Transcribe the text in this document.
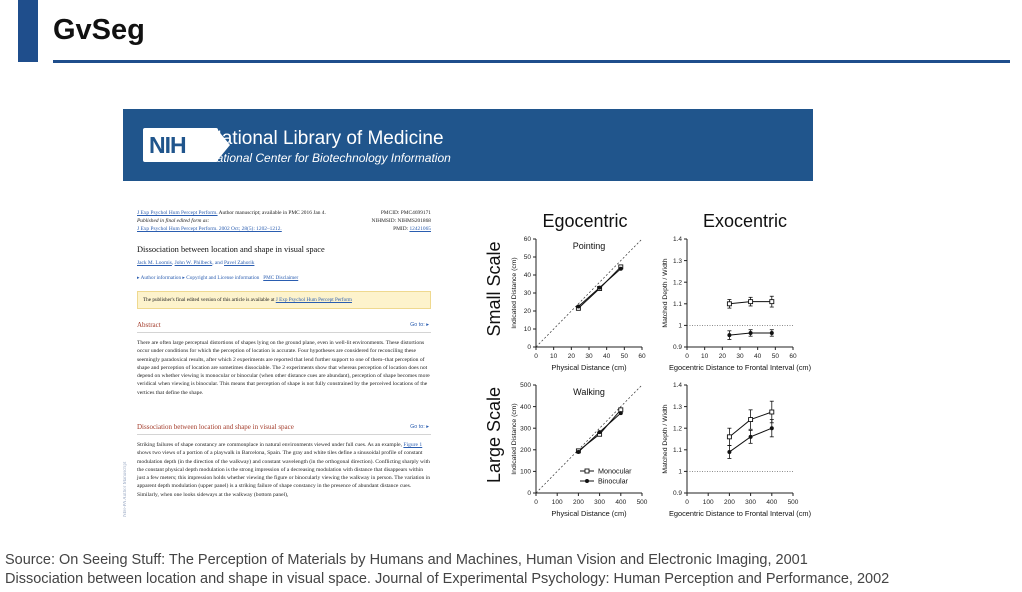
GvSeg
NIH	National Library of Medicine
National Center for Biotechnology Information
NIH-PA Author Manuscript
J Exp Psychol Hum Percept Perform. Author manuscript; available in PMC 2016 Jan 4.
Published in final edited form as:
J Exp Psychol Hum Percept Perform. 2002 Oct; 28(5): 1202–1212.
PMCID: PMC4699171
NIHMSID: NIHMS201868
PMID: 12421065
Dissociation between location and shape in visual space
Jack M. Loomis, John W. Philbeck, and Pavel Zahorik
▸ Author information ▸ Copyright and License information PMC Disclaimer
The publisher's final edited version of this article is available at J Exp Psychol Hum Percept Perform
Abstract	Go to: ▸
There are often large perceptual distortions of shapes lying on the ground plane, even in well-lit environments. These distortions occur under conditions for which the perception of location is accurate. Four hypotheses are considered for reconciling these seemingly paradoxical results, after which 2 experiments are reported that lend further support to one of them–that perception of shape and perception of location are sometimes dissociable. The 2 experiments show that whereas perception of location does not depend on whether viewing is monocular or binocular (when other distance cues are abundant), perception of shape becomes more veridical when viewing is binocular. This means that perception of shape is not fully constrained by the perceived locations of the vertices that define the shape.
Dissociation between location and shape in visual space	Go to: ▸
Striking failures of shape constancy are commonplace in natural environments viewed under full cues. As an example, Figure 1 shows two views of a portion of a playwalk in Barcelona, Spain. The gray and white tiles define a sinusoidal profile of constant modulation depth (in the direction of the walkway) and constant wavelength (in the orthogonal direction). Conflicting sharply with the constant physical depth modulation is the strong impression of a decreasing modulation with distance that disappears within just a few meters; this impression holds whether viewing the figure or binocularly viewing the walkway in person. The variation in apparent depth modulation (upper panel) is a striking failure of shape constancy in the presence of abundant distance cues. Similarly, when one looks sideways at the walkway (bottom panel),
Egocentric	Exocentric
Small Scale
Large Scale
0 10 20 30 40 50 60
0
10
20
30
40
50
60
Physical Distance (cm)
Indicated Distance (cm)
Pointing
0 10 20 30 40 50 60
0.9
1
1.1
1.2
1.3
1.4
Egocentric Distance to Frontal Interval (cm)
Matched Depth / Width
0 100 200 300 400 500
0
100
200
300
400
500
Physical Distance (cm)
Indicated Distance (cm)
Walking
Monocular
Binocular
0 100 200 300 400 500
0.9
1
1.1
1.2
1.3
1.4
Egocentric Distance to Frontal Interval (cm)
Matched Depth / Width
Source: On Seeing Stuff: The Perception of Materials by Humans and Machines, Human Vision and Electronic Imaging, 2001
Dissociation between location and shape in visual space. Journal of Experimental Psychology: Human Perception and Performance, 2002
